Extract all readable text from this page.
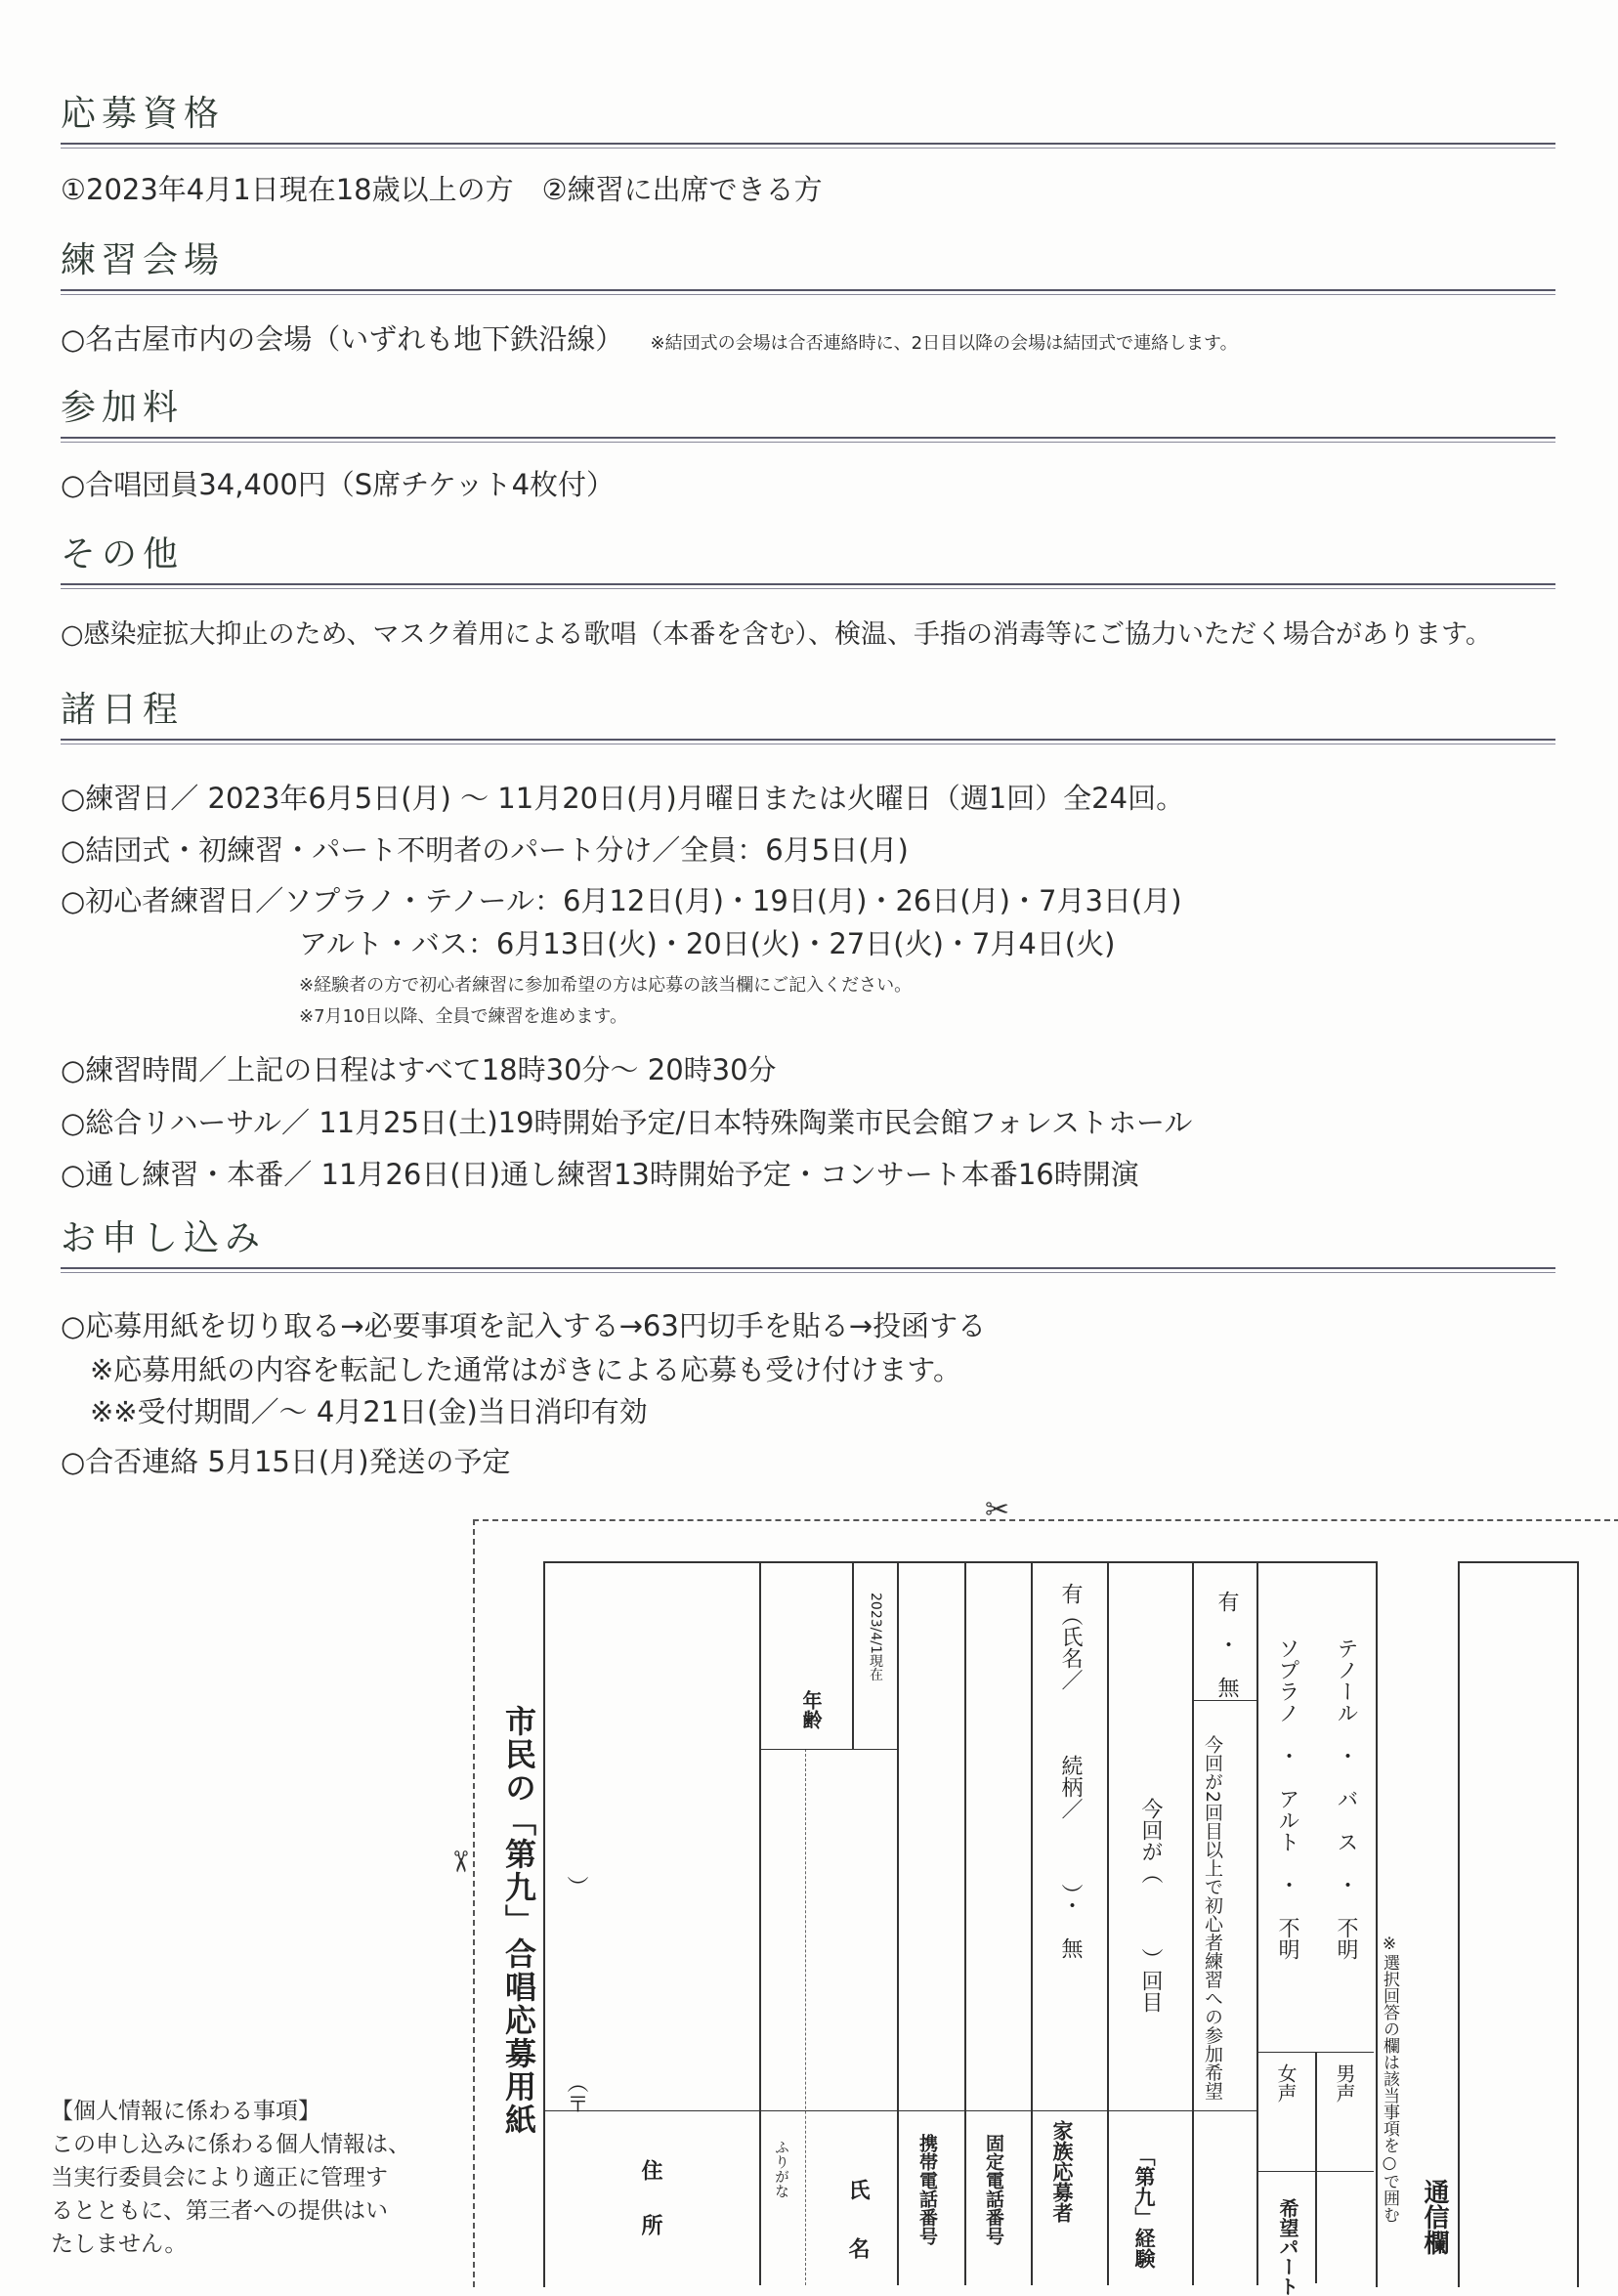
応募資格
①2023年4月1日現在18歳以上の方　②練習に出席できる方
練習会場
○名古屋市内の会場（いずれも地下鉄沿線） ※結団式の会場は合否連絡時に、2日目以降の会場は結団式で連絡します。
参加料
○合唱団員34,400円（S席チケット4枚付）
その他
○感染症拡大抑止のため、マスク着用による歌唱（本番を含む）、検温、手指の消毒等にご協力いただく場合があります。
諸日程
○練習日／ 2023年6月5日(月) ～ 11月20日(月)月曜日または火曜日（週1回）全24回。
○結団式・初練習・パート不明者のパート分け／全員：6月5日(月)
○初心者練習日／ソプラノ・テノール：6月12日(月)・19日(月)・26日(月)・7月3日(月)
アルト・バス：6月13日(火)・20日(火)・27日(火)・7月4日(火)
※経験者の方で初心者練習に参加希望の方は応募の該当欄にご記入ください。
※7月10日以降、全員で練習を進めます。
○練習時間／上記の日程はすべて18時30分～ 20時30分
○総合リハーサル／ 11月25日(土)19時開始予定/日本特殊陶業市民会館フォレストホール
○通し練習・本番／ 11月26日(日)通し練習13時開始予定・コンサート本番16時開演
お申し込み
○応募用紙を切り取る→必要事項を記入する→63円切手を貼る→投函する
※応募用紙の内容を転記した通常はがきによる応募も受け付けます。
※※受付期間／～ 4月21日(金)当日消印有効
○合否連絡 5月15日(月)発送の予定
【個人情報に係わる事項】
この申し込みに係わる個人情報は、
当実行委員会により適正に管理す
るとともに、第三者への提供はい
たしません。
✂
✂ 市民の「第九」合唱応募用紙
住　所
（〒
）
ふりがな
氏　名
年齢
2023/4/1現在
携帯電話番号 固定電話番号 家族応募者
有（氏名／　　　続柄／　　　）・　無
「第九」経験
今回が（　　　）回目 今回が2回目以上で初心者練習への参加希望
有　・　無
希望パート
女声 男声
ソプラノ　・　アルト　・　不明 テノール　・　バ　ス　・　不明
※選択回答の欄は該当事項を○で囲む 通信欄
